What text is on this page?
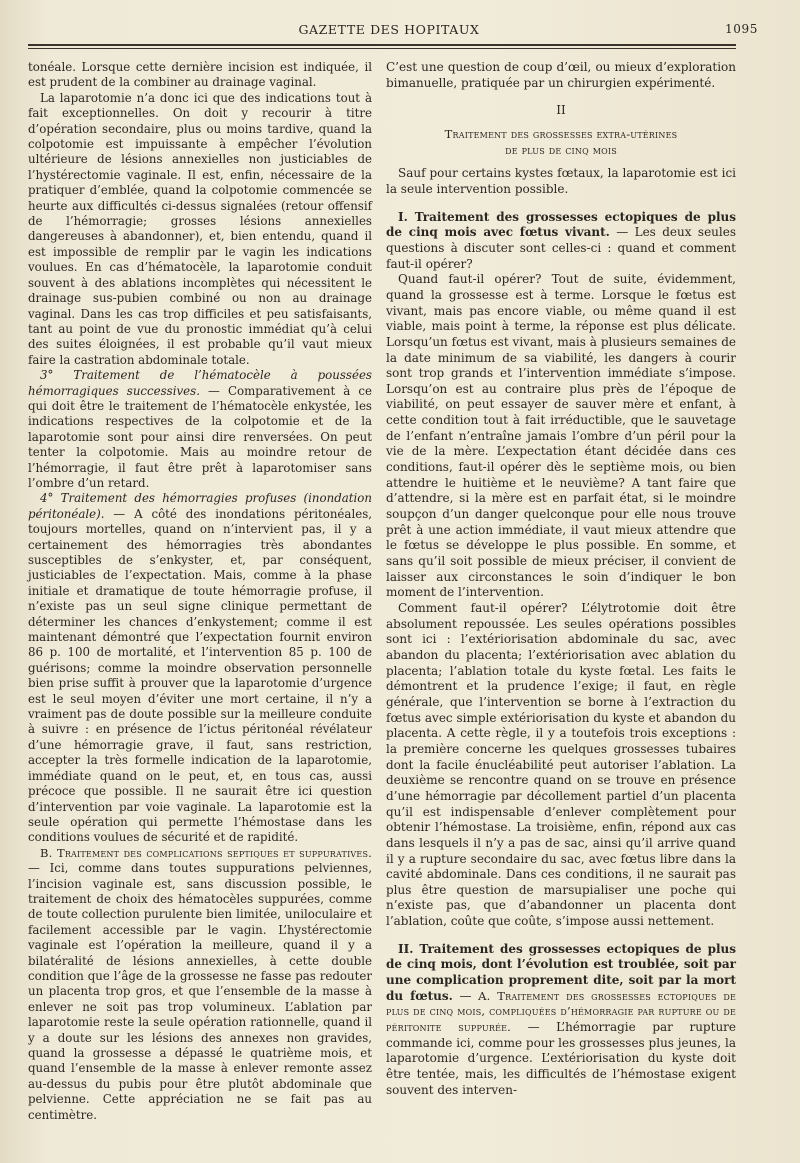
GAZETTE DES HOPITAUX	1095

tonéale. Lorsque cette dernière incision est indiquée, il est prudent de la combiner au drainage vaginal.

La laparotomie n’a donc ici que des indications tout à fait exceptionnelles. On doit y recourir à titre d’opération secondaire, plus ou moins tardive, quand la colpotomie est impuissante à empêcher l’évolution ultérieure de lésions annexielles non justiciables de l’hystérectomie vaginale. Il est, enfin, nécessaire de la pratiquer d’emblée, quand la colpotomie commencée se heurte aux difficultés ci-dessus signalées (retour offensif de l’hémorragie; grosses lésions annexielles dangereuses à abandonner), et, bien entendu, quand il est impossible de remplir par le vagin les indications voulues. En cas d’hématocèle, la laparotomie conduit souvent à des ablations incomplètes qui nécessitent le drainage sus-pubien combiné ou non au drainage vaginal. Dans les cas trop difficiles et peu satisfaisants, tant au point de vue du pronostic immédiat qu’à celui des suites éloignées, il est probable qu’il vaut mieux faire la castration abdominale totale.

3° Traitement de l’hématocèle à poussées hémorragiques successives. — Comparativement à ce qui doit être le traitement de l’hématocèle enkystée, les indications respectives de la colpotomie et de la laparotomie sont pour ainsi dire renversées. On peut tenter la colpotomie. Mais au moindre retour de l’hémorragie, il faut être prêt à laparotomiser sans l’ombre d’un retard.

4° Traitement des hémorragies profuses (inondation péritonéale). — A côté des inondations péritonéales, toujours mortelles, quand on n’intervient pas, il y a certainement des hémorragies très abondantes susceptibles de s’enkyster, et, par conséquent, justiciables de l’expectation. Mais, comme à la phase initiale et dramatique de toute hémorragie profuse, il n’existe pas un seul signe clinique permettant de déterminer les chances d’enkystement; comme il est maintenant démontré que l’expectation fournit environ 86 p. 100 de mortalité, et l’intervention 85 p. 100 de guérisons; comme la moindre observation personnelle bien prise suffit à prouver que la laparotomie d’urgence est le seul moyen d’éviter une mort certaine, il n’y a vraiment pas de doute possible sur la meilleure conduite à suivre : en présence de l’ictus péritonéal révélateur d’une hémorragie grave, il faut, sans restriction, accepter la très formelle indication de la laparotomie, immédiate quand on le peut, et, en tous cas, aussi précoce que possible. Il ne saurait être ici question d’intervention par voie vaginale. La laparotomie est la seule opération qui permette l’hémostase dans les conditions voulues de sécurité et de rapidité.

B. Traitement des complications septiques et suppuratives. — Ici, comme dans toutes suppurations pelviennes, l’incision vaginale est, sans discussion possible, le traitement de choix des hématocèles suppurées, comme de toute collection purulente bien limitée, uniloculaire et facilement accessible par le vagin. L’hystérectomie vaginale est l’opération la meilleure, quand il y a bilatéralité de lésions annexielles, à cette double condition que l’âge de la grossesse ne fasse pas redouter un placenta trop gros, et que l’ensemble de la masse à enlever ne soit pas trop volumineux. L’ablation par laparotomie reste la seule opération rationnelle, quand il y a doute sur les lésions des annexes non gravides, quand la grossesse a dépassé le quatrième mois, et quand l’ensemble de la masse à enlever remonte assez au-dessus du pubis pour être plutôt abdominale que pelvienne. Cette appréciation ne se fait pas au centimètre.

C’est une question de coup d’œil, ou mieux d’exploration bimanuelle, pratiquée par un chirurgien expérimenté.

II

Traitement des grossesses extra-utérines

de plus de cinq mois

Sauf pour certains kystes fœtaux, la laparotomie est ici la seule intervention possible.

I. Traitement des grossesses ectopiques de plus de cinq mois avec fœtus vivant. — Les deux seules questions à discuter sont celles-ci : quand et comment faut-il opérer?

Quand faut-il opérer? Tout de suite, évidemment, quand la grossesse est à terme. Lorsque le fœtus est vivant, mais pas encore viable, ou même quand il est viable, mais point à terme, la réponse est plus délicate. Lorsqu’un fœtus est vivant, mais à plusieurs semaines de la date minimum de sa viabilité, les dangers à courir sont trop grands et l’intervention immédiate s’impose. Lorsqu’on est au contraire plus près de l’époque de viabilité, on peut essayer de sauver mère et enfant, à cette condition tout à fait irréductible, que le sauvetage de l’enfant n’entraîne jamais l’ombre d’un péril pour la vie de la mère. L’expectation étant décidée dans ces conditions, faut-il opérer dès le septième mois, ou bien attendre le huitième et le neuvième? A tant faire que d’attendre, si la mère est en parfait état, si le moindre soupçon d’un danger quelconque pour elle nous trouve prêt à une action immédiate, il vaut mieux attendre que le fœtus se développe le plus possible. En somme, et sans qu’il soit possible de mieux préciser, il convient de laisser aux circonstances le soin d’indiquer le bon moment de l’intervention.

Comment faut-il opérer? L’élytrotomie doit être absolument repoussée. Les seules opérations possibles sont ici : l’extériorisation abdominale du sac, avec abandon du placenta; l’extériorisation avec ablation du placenta; l’ablation totale du kyste fœtal. Les faits le démontrent et la prudence l’exige; il faut, en règle générale, que l’intervention se borne à l’extraction du fœtus avec simple extériorisation du kyste et abandon du placenta. A cette règle, il y a toutefois trois exceptions : la première concerne les quelques grossesses tubaires dont la facile énucléabilité peut autoriser l’ablation. La deuxième se rencontre quand on se trouve en présence d’une hémorragie par décollement partiel d’un placenta qu’il est indispensable d’enlever complètement pour obtenir l’hémostase. La troisième, enfin, répond aux cas dans lesquels il n’y a pas de sac, ainsi qu’il arrive quand il y a rupture secondaire du sac, avec fœtus libre dans la cavité abdominale. Dans ces conditions, il ne saurait pas plus être question de marsupialiser une poche qui n’existe pas, que d’abandonner un placenta dont l’ablation, coûte que coûte, s’impose aussi nettement.

II. Traitement des grossesses ectopiques de plus de cinq mois, dont l’évolution est troublée, soit par une complication proprement dite, soit par la mort du fœtus. — A. Traitement des grossesses ectopiques de plus de cinq mois, compliquées d’hémorragie par rupture ou de péritonite suppurée. — L’hémorragie par rupture commande ici, comme pour les grossesses plus jeunes, la laparotomie d’urgence. L’extériorisation du kyste doit être tentée, mais, les difficultés de l’hémostase exigent souvent des interven-
